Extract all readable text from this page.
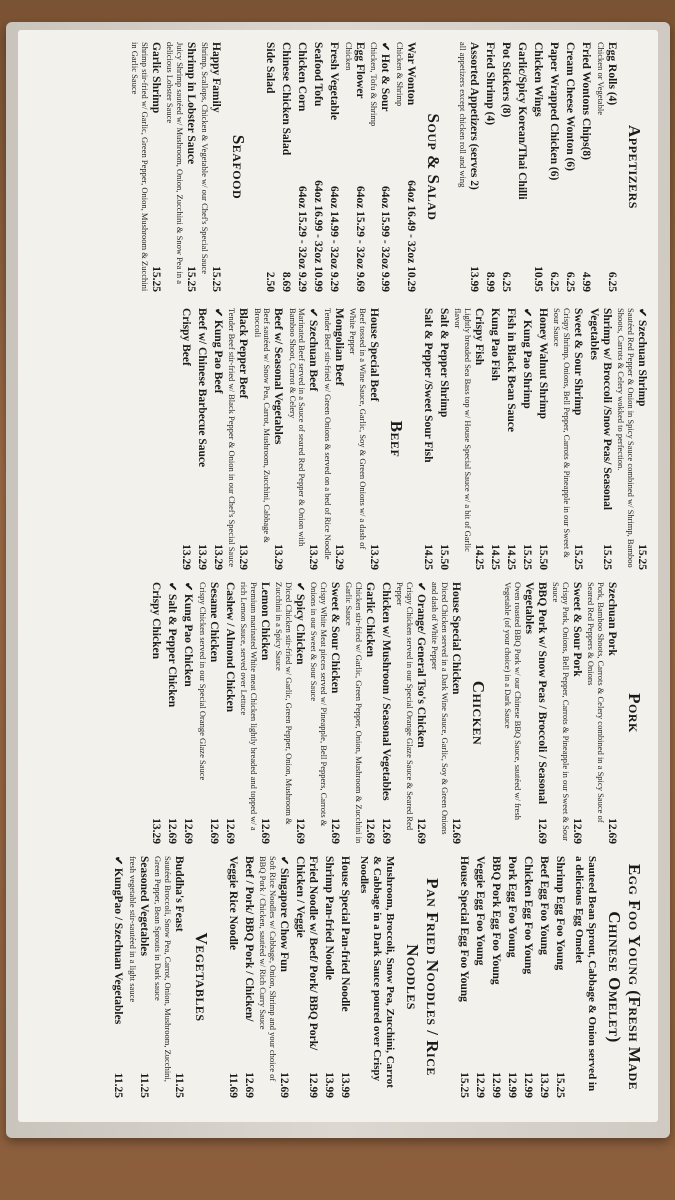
Appetizers
Egg Rolls (4)
6.25
Chicken or Vegetable
Fried Wontons Chips(8)
4.99
Cream Cheese Wonton (6)
6.25
Paper Wrapped Chicken (6)
6.25
Chicken Wings
10.95
Garlic/Spicy Korean/Thai Chilli
Pot Stickers (8)
6.25
Fried Shrimp (4)
8.99
Assorted Appetizers (serves 2)
13.99
all appetizers except chicken roll and wing
Soup & Salad
War Wonton
64oz 16.49 - 32oz 10.29
Chicken & Shrimp
✔ Hot & Sour
64oz 15.99 - 32oz 9.99
Chicken, Tofu & Shrimp
Egg Flower
64oz 15.29 - 32oz 9.69
Chicken
Fresh Vegetable
64oz 14.99 - 32oz 9.29
Seafood Tofu
64oz 16.99 - 32oz 10.99
Chicken Corn
64oz 15.29 - 32oz 9.29
Chinese Chicken Salad
8.69
Side Salad
2.50
Seafood
Happy Family
15.25
Shrimp, Scallops, Chicken & Vegetable w/ our Chef's Special Sauce
Shrimp in Lobster Sauce
15.25
Juicy Shrimp sautéed w/ Mushroom, Onion, Zucchini & Snow Pea in a delicious Lobster Sauce
Garlic Shrimp
15.25
Shrimp stir-fried w/ Garlic, Green Pepper, Onion, Mushroom & Zucchini in Garlic Sauce
✔ Szechuan Shrimp
15.25
Sautéed Red Pepper & Onion in Spicy Sauce combined w/ Shrimp, Bamboo Shoots, Carrots & Celery wokked to perfection.
Shrimp w/ Broccoli /Snow Peas/ Seasonal Vegetables
15.25
Sweet & Sour Shrimp
15.25
Crispy Shrimp, Onions, Bell Pepper, Carrots & Pineapple in our Sweet & Sour Sauce
Honey Walnut Shrimp
15.50
✔ Kung Pao Shrimp
15.25
Fish in Black Bean Sauce
14.25
Kung Pao Fish
14.25
Crispy Fish
14.25
Lightly breaded Sea Bass top w/ House Special Sauce w/ a bit of Garlic flavor
Salt & Pepper Shrimp
15.50
Salt & Pepper /Sweet Sour Fish
14.25
Beef
House Special Beef
13.29
Beef tossed in a Wine Sauce, Garlic, Soy & Green Onions w/ a dash of White Pepper
Mongolian Beef
13.29
Tender Beef stir-fried w/ Green Onions & served on a bed of Rice Noodle
✔ Szechuan Beef
13.29
Marinated Beef served in a Sauce of seared Red Pepper & Onion with Bamboo Shoot, Carrot & Celery
Beef w/ Seasonal Vegetables
13.29
Beef sautéed w/ Snow Pea, Carrot, Mushroom, Zucchini, Cabbage & Broccoli
Black Pepper Beef
13.29
Tender Beef stir-fried w/ Black Pepper & Onion in our Chef's Special Sauce
✔ Kung Pao Beef
13.29
Beef w/ Chinese Barbecue Sauce
13.29
Crispy Beef
13.29
Pork
Szechuan Pork
12.69
Pork, Bamboo Shoots, Carrots & Celery combined in a Spicy Sauce of Seared Red Peppers & Onions
Sweet & Sour Pork
12.69
Crispy Pork, Onions, Bell Pepper, Carrots & Pineapple in our Sweet & Sour Sauce
BBQ Pork w/ Snow Peas / Broccoli / Seasonal Vegetables
12.69
Oven roasted BBQ Pork w/ our Chinese BBQ Sauce, sautéed w/ fresh Vegetable (of your choice) in a Dark Sauce
Chicken
House Special Chicken
12.69
Diced Chicken served in a Dark Wine Sauce, Garlic, Soy & Green Onions and dash of White Pepper
✔ Orange/ General Tso's Chicken
12.69
Crispy Chicken served in our Special Orange Glaze Sauce & Seared Red Pepper
Chicken w/ Mushroom / Seasonal Vegetables
12.69
Garlic Chicken
12.69
Chicken stir-fried w/ Garlic, Green Pepper, Onion, Mushroom & Zucchini in Garlic Sauce
Sweet & Sour Chicken
12.69
Crispy White Meat pieces served w/ Pineapple, Bell Peppers, Carrots & Onions in our Sweet & Sour Sauce
✔ Spicy Chicken
12.69
Diced Chicken stir-fried w/ Garlic, Green Pepper, Onion, Mushroom & Zucchini in a Spicy Sauce
Lemon Chicken
12.69
Premium marinated White meat Chicken lightly breaded and topped w/ a rich Lemon Sauce, served over Lettuce
Cashew / Almond Chicken
12.69
Sesame Chicken
12.69
Crispy Chicken served in our Special Orange Glaze Sauce
✔ Kung Pao Chicken
12.69
✔ Salt & Pepper Chicken
12.69
Crispy Chicken
13.29
Egg Foo Young (Fresh Made Chinese Omelet)
Sauteed Bean Sprout, Cabbage & Onion served in a delicious Egg Omelet
Shrimp Egg Foo Young
15.25
Beef Egg Foo Young
13.29
Chicken Egg Foo Young
12.99
Pork Egg Foo Young
12.99
BBQ Pork Egg Foo Young
12.99
Veggie Egg Foo Young
12.29
House Special Egg Foo Young
15.25
Pan Fried Noodles / Rice Noodles
Mushroom, Broccoli, Snow Pea, Zucchini, Carrot & Cabbage in a Dark Sauce poured over Crispy Noodles
House Special Pan-fried Noodle
13.99
Shrimp Pan-fried Noodle
13.99
Fried Noodle w/ Beef/ Pork/ BBQ Pork/ Chicken / Veggie
12.99
✔ Singapore Chow Fun
12.69
Soft Rice Noodles w/ Cabbage, Onion, Shrimp and your choice of BBQ Pork / Chicken, sautéed w/ Rich Curry Sauce
Beef / Pork/ BBQ Pork / Chicken/
12.69
Veggie Rice Noodle
11.69
Vegetables
Buddha's Feast
11.25
Sautéed Broccoli, Snow Pea, Carrot, Onion, Mushroom, Zucchini, Green Pepper, Bean Sprouts in Dark sauce
Seasoned Vegetables
11.25
fresh vegetable stir-sautéed in a light sauce
✔ KungPao / Szechuan Vegetables
11.25
